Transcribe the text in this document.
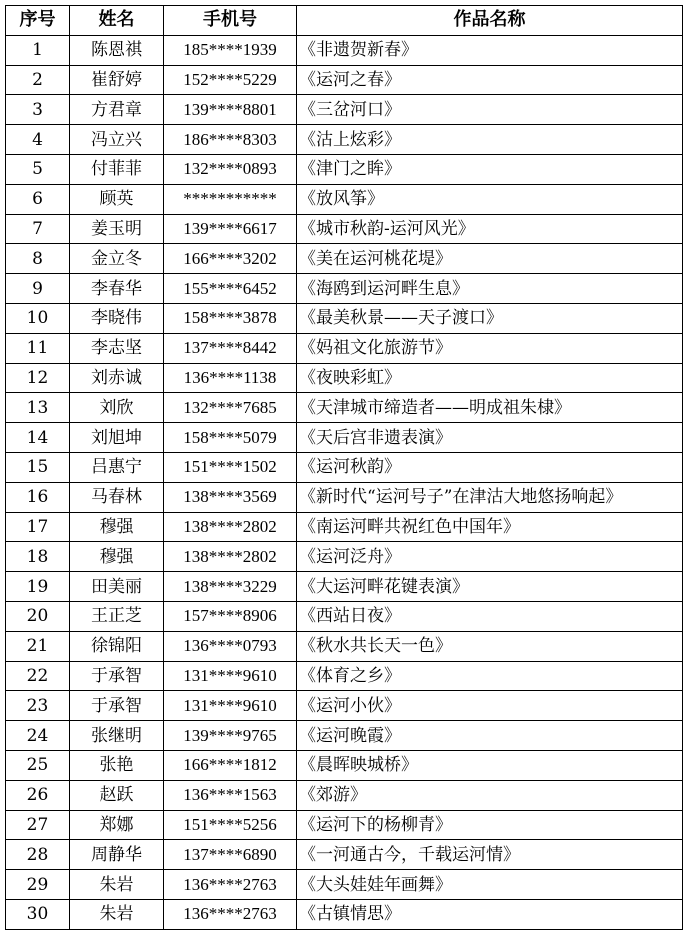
序号	姓名	手机号	作品名称
1	陈恩祺	185****1939	《非遗贺新春》
2	崔舒婷	152****5229	《运河之春》
3	方君章	139****8801	《三岔河口》
4	冯立兴	186****8303	《沽上炫彩》
5	付菲菲	132****0893	《津门之眸》
6	顾英	***********	《放风筝》
7	姜玉明	139****6617	《城市秋韵-运河风光》
8	金立冬	166****3202	《美在运河桃花堤》
9	李春华	155****6452	《海鸥到运河畔生息》
10	李晓伟	158****3878	《最美秋景——天子渡口》
11	李志坚	137****8442	《妈祖文化旅游节》
12	刘赤诚	136****1138	《夜映彩虹》
13	刘欣	132****7685	《天津城市缔造者——明成祖朱棣》
14	刘旭坤	158****5079	《天后宫非遗表演》
15	吕惠宁	151****1502	《运河秋韵》
16	马春林	138****3569	《新时代“运河号子”在津沽大地悠扬响起》
17	穆强	138****2802	《南运河畔共祝红色中国年》
18	穆强	138****2802	《运河泛舟》
19	田美丽	138****3229	《大运河畔花键表演》
20	王正芝	157****8906	《西站日夜》
21	徐锦阳	136****0793	《秋水共长天一色》
22	于承智	131****9610	《体育之乡》
23	于承智	131****9610	《运河小伙》
24	张继明	139****9765	《运河晚霞》
25	张艳	166****1812	《晨晖映城桥》
26	赵跃	136****1563	《郊游》
27	郑娜	151****5256	《运河下的杨柳青》
28	周静华	137****6890	《一河通古今，千载运河情》
29	朱岩	136****2763	《大头娃娃年画舞》
30	朱岩	136****2763	《古镇情思》
